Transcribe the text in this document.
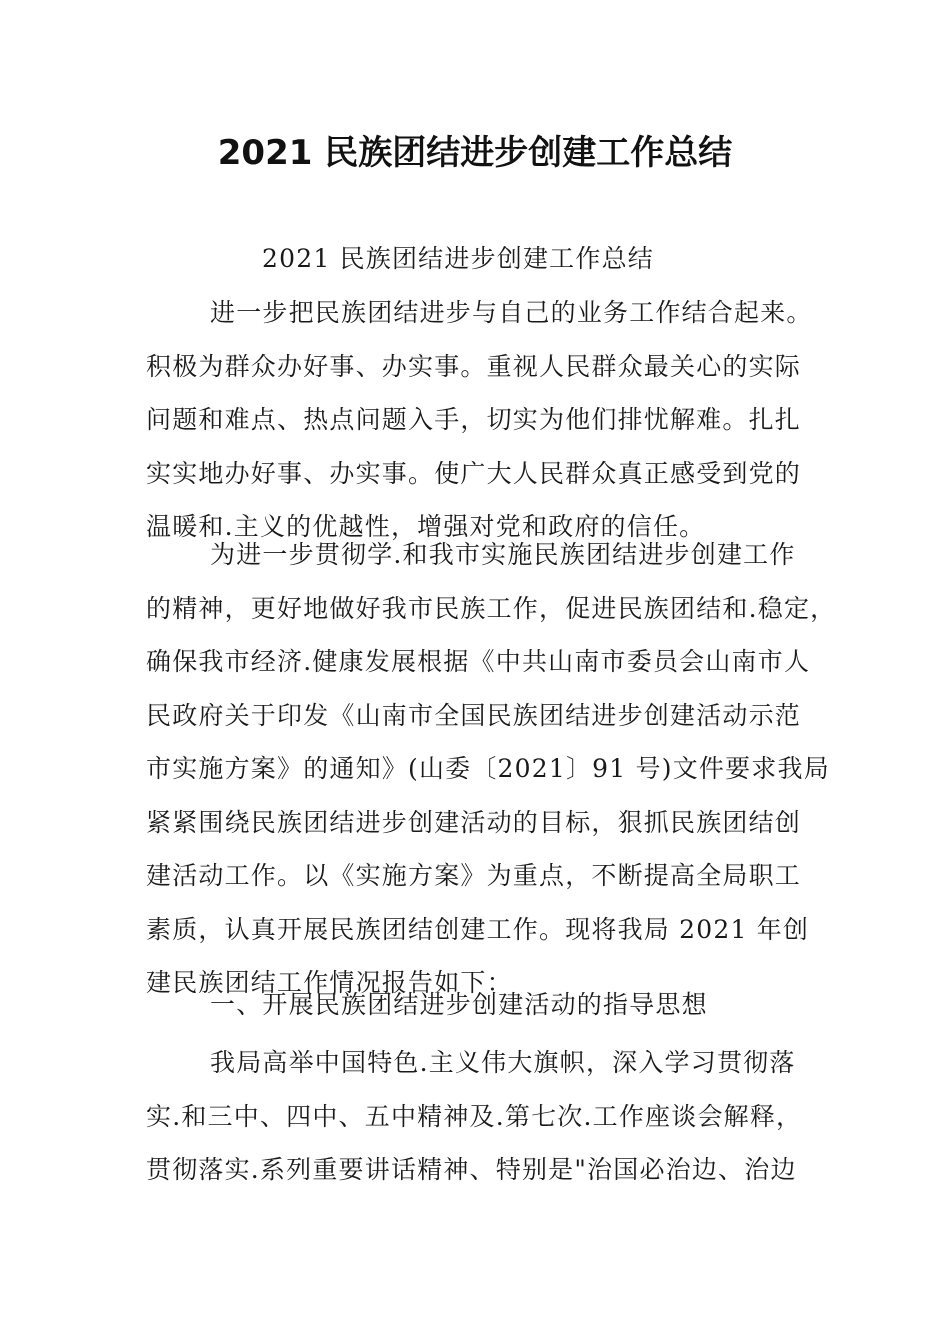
2021 民族团结进步创建工作总结
2021 民族团结进步创建工作总结
进一步把民族团结进步与自己的业务工作结合起来。
积极为群众办好事、办实事。重视人民群众最关心的实际
问题和难点、热点问题入手，切实为他们排忧解难。扎扎
实实地办好事、办实事。使广大人民群众真正感受到党的
温暖和.主义的优越性，增强对党和政府的信任。
为进一步贯彻学.和我市实施民族团结进步创建工作
的精神，更好地做好我市民族工作，促进民族团结和.稳定，
确保我市经济.健康发展根据《中共山南市委员会山南市人
民政府关于印发《山南市全国民族团结进步创建活动示范
市实施方案》的通知》(山委〔2021〕91 号)文件要求我局
紧紧围绕民族团结进步创建活动的目标，狠抓民族团结创
建活动工作。以《实施方案》为重点，不断提高全局职工
素质，认真开展民族团结创建工作。现将我局 2021 年创
建民族团结工作情况报告如下：
一、开展民族团结进步创建活动的指导思想
我局高举中国特色.主义伟大旗帜，深入学习贯彻落
实.和三中、四中、五中精神及.第七次.工作座谈会解释，
贯彻落实.系列重要讲话精神、特别是"治国必治边、治边
